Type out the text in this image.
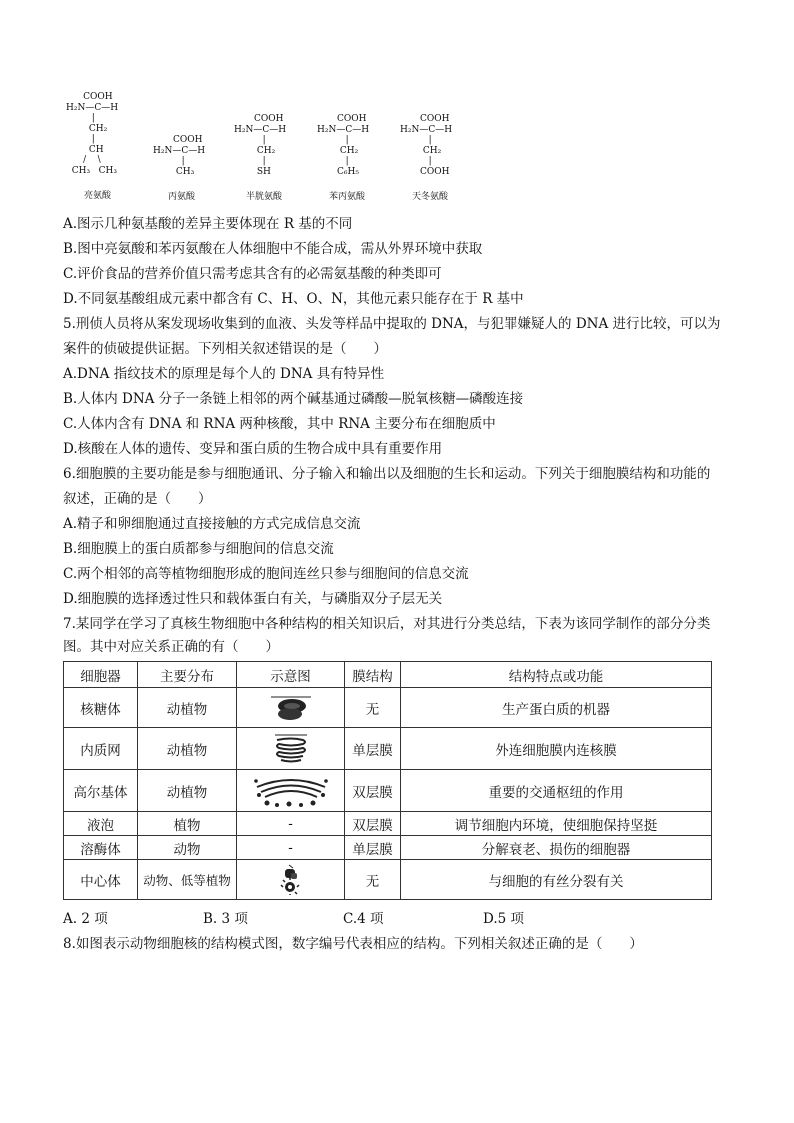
COOH
H₂N—C—H
|
CH₂
|
CH
/    \
CH₃   CH₃
亮氨酸
COOH
H₂N—C—H
|
CH₃
丙氨酸
COOH
H₂N—C—H
|
CH₂
|
SH
半胱氨酸
COOH
H₂N—C—H
|
CH₂
|
C₆H₅
苯丙氨酸
COOH
H₂N—C—H
|
CH₂
|
COOH
天冬氨酸
A.图示几种氨基酸的差异主要体现在 R 基的不同
B.图中亮氨酸和苯丙氨酸在人体细胞中不能合成，需从外界环境中获取
C.评价食品的营养价值只需考虑其含有的必需氨基酸的种类即可
D.不同氨基酸组成元素中都含有 C、H、O、N，其他元素只能存在于 R 基中
5.刑侦人员将从案发现场收集到的血液、头发等样品中提取的 DNA，与犯罪嫌疑人的 DNA 进行比较，可以为
案件的侦破提供证据。下列相关叙述错误的是（　　）
A.DNA 指纹技术的原理是每个人的 DNA 具有特异性
B.人体内 DNA 分子一条链上相邻的两个碱基通过磷酸—脱氧核糖—磷酸连接
C.人体内含有 DNA 和 RNA 两种核酸，其中 RNA 主要分布在细胞质中
D.核酸在人体的遗传、变异和蛋白质的生物合成中具有重要作用
6.细胞膜的主要功能是参与细胞通讯、分子输入和输出以及细胞的生长和运动。下列关于细胞膜结构和功能的
叙述，正确的是（　　）
A.精子和卵细胞通过直接接触的方式完成信息交流
B.细胞膜上的蛋白质都参与细胞间的信息交流
C.两个相邻的高等植物细胞形成的胞间连丝只参与细胞间的信息交流
D.细胞膜的选择透过性只和载体蛋白有关，与磷脂双分子层无关
7.某同学在学习了真核生物细胞中各种结构的相关知识后，对其进行分类总结，下表为该同学制作的部分分类
图。其中对应关系正确的有（　　）
细胞器	主要分布	示意图	膜结构	结构特点或功能
核糖体	动植物		无	生产蛋白质的机器
内质网	动植物		单层膜	外连细胞膜内连核膜
高尔基体	动植物		双层膜	重要的交通枢纽的作用
液泡	植物	-	双层膜	调节细胞内环境，使细胞保持坚挺
溶酶体	动物	-	单层膜	分解衰老、损伤的细胞器
中心体	动物、低等植物		无	与细胞的有丝分裂有关
A. 2 项	B. 3 项	C.4 项	D.5 项
8.如图表示动物细胞核的结构模式图，数字编号代表相应的结构。下列相关叙述正确的是（　　）
